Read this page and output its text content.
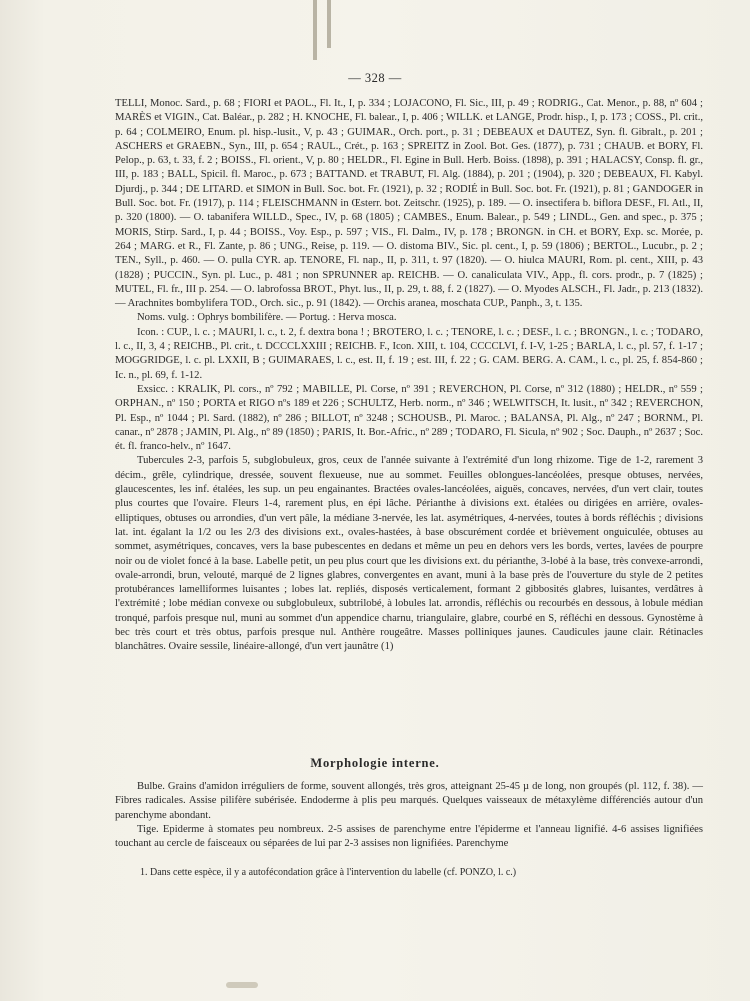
— 328 —

TELLI, Monoc. Sard., p. 68 ; FIORI et PAOL., Fl. It., I, p. 334 ; LOJACONO, Fl. Sic., III, p. 49 ; RODRIG., Cat. Menor., p. 88, nº 604 ; MARÈS et VIGIN., Cat. Baléar., p. 282 ; H. KNOCHE, Fl. balear., I, p. 406 ; WILLK. et LANGE, Prodr. hisp., I, p. 173 ; COSS., Pl. crit., p. 64 ; COLMEIRO, Enum. pl. hisp.-lusit., V, p. 43 ; GUIMAR., Orch. port., p. 31 ; DEBEAUX et DAUTEZ, Syn. fl. Gibralt., p. 201 ; ASCHERS et GRAEBN., Syn., III, p. 654 ; RAUL., Crét., p. 163 ; SPREITZ in Zool. Bot. Ges. (1877), p. 731 ; CHAUB. et BORY, Fl. Pelop., p. 63, t. 33, f. 2 ; BOISS., Fl. orient., V, p. 80 ; HELDR., Fl. Egine in Bull. Herb. Boiss. (1898), p. 391 ; HALACSY, Consp. fl. gr., III, p. 183 ; BALL, Spicil. fl. Maroc., p. 673 ; BATTAND. et TRABUT, Fl. Alg. (1884), p. 201 ; (1904), p. 320 ; DEBEAUX, Fl. Kabyl. Djurdj., p. 344 ; DE LITARD. et SIMON in Bull. Soc. bot. Fr. (1921), p. 32 ; RODIÉ in Bull. Soc. bot. Fr. (1921), p. 81 ; GANDOGER in Bull. Soc. bot. Fr. (1917), p. 114 ; FLEISCHMANN in Œsterr. bot. Zeitschr. (1925), p. 189. — O. insectifera b. biflora DESF., Fl. Atl., II, p. 320 (1800). — O. tabanifera WILLD., Spec., IV, p. 68 (1805) ; CAMBES., Enum. Balear., p. 549 ; LINDL., Gen. and spec., p. 375 ; MORIS, Stirp. Sard., I, p. 44 ; BOISS., Voy. Esp., p. 597 ; VIS., Fl. Dalm., IV, p. 178 ; BRONGN. in CH. et BORY, Exp. sc. Morée, p. 264 ; MARG. et R., Fl. Zante, p. 86 ; UNG., Reise, p. 119. — O. distoma BIV., Sic. pl. cent., I, p. 59 (1806) ; BERTOL., Lucubr., p. 2 ; TEN., Syll., p. 460. — O. pulla CYR. ap. TENORE, Fl. nap., II, p. 311, t. 97 (1820). — O. hiulca MAURI, Rom. pl. cent., XIII, p. 43 (1828) ; PUCCIN., Syn. pl. Luc., p. 481 ; non SPRUNNER ap. REICHB. — O. canaliculata VIV., App., fl. cors. prodr., p. 7 (1825) ; MUTEL, Fl. fr., III p. 254. — O. labrofossa BROT., Phyt. lus., II, p. 29, t. 88, f. 2 (1827). — O. Myodes ALSCH., Fl. Jadr., p. 213 (1832). — Arachnites bombylifera TOD., Orch. sic., p. 91 (1842). — Orchis aranea, moschata CUP., Panph., 3, t. 135.

Noms. vulg. : Ophrys bombilifère. — Portug. : Herva mosca.

Icon. : CUP., l. c. ; MAURI, l. c., t. 2, f. dextra bona ! ; BROTERO, l. c. ; TENORE, l. c. ; DESF., l. c. ; BRONGN., l. c. ; TODARO, l. c., II, 3, 4 ; REICHB., Pl. crit., t. DCCCLXXIII ; REICHB. F., Icon. XIII, t. 104, CCCCLVI, f. I-V, 1-25 ; BARLA, l. c., pl. 57, f. 1-17 ; MOGGRIDGE, l. c. pl. LXXII, B ; GUIMARAES, l. c., est. II, f. 19 ; est. III, f. 22 ; G. CAM. BERG. A. CAM., l. c., pl. 25, f. 854-860 ; Ic. n., pl. 69, f. 1-12.

Exsicc. : KRALIK, Pl. cors., nº 792 ; MABILLE, Pl. Corse, nº 391 ; REVERCHON, Pl. Corse, nº 312 (1880) ; HELDR., nº 559 ; ORPHAN., nº 150 ; PORTA et RIGO nºs 189 et 226 ; SCHULTZ, Herb. norm., nº 346 ; WELWITSCH, It. lusit., nº 342 ; REVERCHON, Pl. Esp., nº 1044 ; Pl. Sard. (1882), nº 286 ; BILLOT, nº 3248 ; SCHOUSB., Pl. Maroc. ; BALANSA, Pl. Alg., nº 247 ; BORNM., Pl. canar., nº 2878 ; JAMIN, Pl. Alg., nº 89 (1850) ; PARIS, It. Bor.-Afric., nº 289 ; TODARO, Fl. Sicula, nº 902 ; Soc. Dauph., nº 2637 ; Soc. ét. fl. franco-helv., nº 1647.

Tubercules 2-3, parfois 5, subglobuleux, gros, ceux de l'année suivante à l'extrémité d'un long rhizome. Tige de 1-2, rarement 3 décim., grêle, cylindrique, dressée, souvent flexueuse, nue au sommet. Feuilles oblongues-lancéolées, presque obtuses, nervées, glaucescentes, les inf. étalées, les sup. un peu engainantes. Bractées ovales-lancéolées, aiguës, concaves, nervées, d'un vert clair, toutes plus courtes que l'ovaire. Fleurs 1-4, rarement plus, en épi lâche. Périanthe à divisions ext. étalées ou dirigées en arrière, ovales-elliptiques, obtuses ou arrondies, d'un vert pâle, la médiane 3-nervée, les lat. asymétriques, 4-nervées, toutes à bords réfléchis ; divisions lat. int. égalant la 1/2 ou les 2/3 des divisions ext., ovales-hastées, à base obscurément cordée et brièvement onguiculée, obtuses au sommet, asymétriques, concaves, vers la base pubescentes en dedans et même un peu en dehors vers les bords, vertes, lavées de pourpre noir ou de violet foncé à la base. Labelle petit, un peu plus court que les divisions ext. du périanthe, 3-lobé à la base, très convexe-arrondi, ovale-arrondi, brun, velouté, marqué de 2 lignes glabres, convergentes en avant, muni à la base près de l'ouverture du style de 2 petites protubérances lamelliformes luisantes ; lobes lat. repliés, disposés verticalement, formant 2 gibbosités glabres, luisantes, verdâtres à l'extrémité ; lobe médian convexe ou subglobuleux, subtrilobé, à lobules lat. arrondis, réfléchis ou recourbés en dessous, à lobule médian tronqué, parfois presque nul, muni au sommet d'un appendice charnu, triangulaire, glabre, courbé en S, réfléchi en dessous. Gynostème à bec très court et très obtus, parfois presque nul. Anthère rougeâtre. Masses polliniques jaunes. Caudicules jaune clair. Rétinacles blanchâtres. Ovaire sessile, linéaire-allongé, d'un vert jaunâtre (1)

Morphologie interne.

Bulbe. Grains d'amidon irréguliers de forme, souvent allongés, très gros, atteignant 25-45 µ de long, non groupés (pl. 112, f. 38). — Fibres radicales. Assise pilifère subérisée. Endoderme à plis peu marqués. Quelques vaisseaux de métaxylème différenciés autour d'un parenchyme abondant.

Tige. Epiderme à stomates peu nombreux. 2-5 assises de parenchyme entre l'épiderme et l'anneau lignifié. 4-6 assises lignifiées touchant au cercle de faisceaux ou séparées de lui par 2-3 assises non lignifiées. Parenchyme

1. Dans cette espèce, il y a autofécondation grâce à l'intervention du labelle (cf. PONZO, l. c.)
